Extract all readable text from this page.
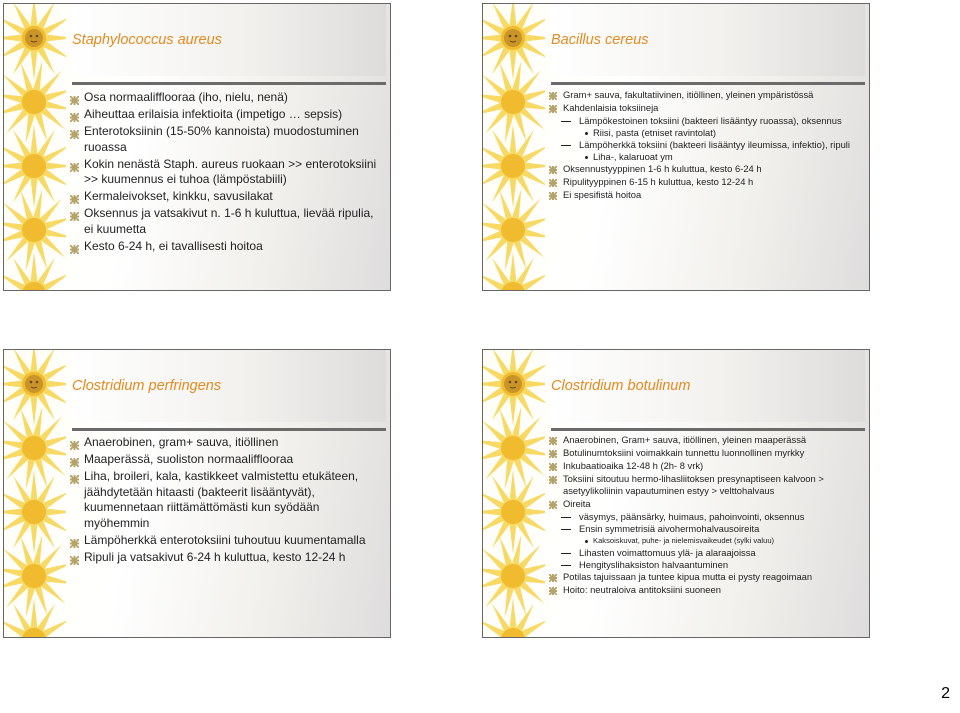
Staphylococcus aureus
Osa normaalifflooraa (iho, nielu, nenä)
Aiheuttaa erilaisia infektioita (impetigo … sepsis)
Enterotoksiinin (15-50% kannoista) muodostuminen ruoassa
Kokin nenästä Staph. aureus ruokaan >> enterotoksiini >> kuumennus ei tuhoa (lämpöstabiili)
Kermaleivokset, kinkku, savusilakat
Oksennus ja vatsakivut n. 1-6 h kuluttua, lievää ripulia, ei kuumetta
Kesto 6-24 h, ei tavallisesti hoitoa
Bacillus cereus
Gram+ sauva, fakultatiivinen, itiöllinen, yleinen ympäristössä
Kahdenlaisia toksiineja
Lämpökestoinen toksiini (bakteeri lisääntyy ruoassa), oksennus
Riisi, pasta (etniset ravintolat)
Lämpöherkkä toksiini (bakteeri lisääntyy ileumissa, infektio), ripuli
Liha-, kalaruoat ym
Oksennustyyppinen 1-6 h kuluttua, kesto 6-24 h
Ripulityyppinen 6-15 h kuluttua, kesto 12-24 h
Ei spesifistä hoitoa
Clostridium perfringens
Anaerobinen, gram+ sauva, itiöllinen
Maaperässä, suoliston normaalifflooraa
Liha, broileri, kala, kastikkeet valmistettu etukäteen, jäähdytetään hitaasti (bakteerit lisääntyvät), kuumennetaan riittämättömästi kun syödään myöhemmin
Lämpöherkkä enterotoksiini tuhoutuu kuumentamalla
Ripuli ja vatsakivut 6-24 h kuluttua, kesto 12-24 h
Clostridium botulinum
Anaerobinen, Gram+ sauva, itiöllinen, yleinen maaperässä
Botulinumtoksiini voimakkain tunnettu luonnollinen myrkky
Inkubaatioaika 12-48 h (2h- 8 vrk)
Toksiini sitoutuu hermo-lihasliitoksen presynaptiseen kalvoon > asetyylikoliinin vapautuminen estyy > velttohalvaus
Oireita
väsymys, päänsärky, huimaus, pahoinvointi, oksennus
Ensin symmetrisiä aivohermohalvausoireita
Kaksoiskuvat, puhe- ja nielemisvaikeudet (sylki valuu)
Lihasten voimattomuus ylä- ja alaraajoissa
Hengityslihaksiston halvaantuminen
Potilas tajuissaan ja tuntee kipua mutta ei pysty reagoimaan
Hoito: neutraloiva antitoksiini suoneen
2
